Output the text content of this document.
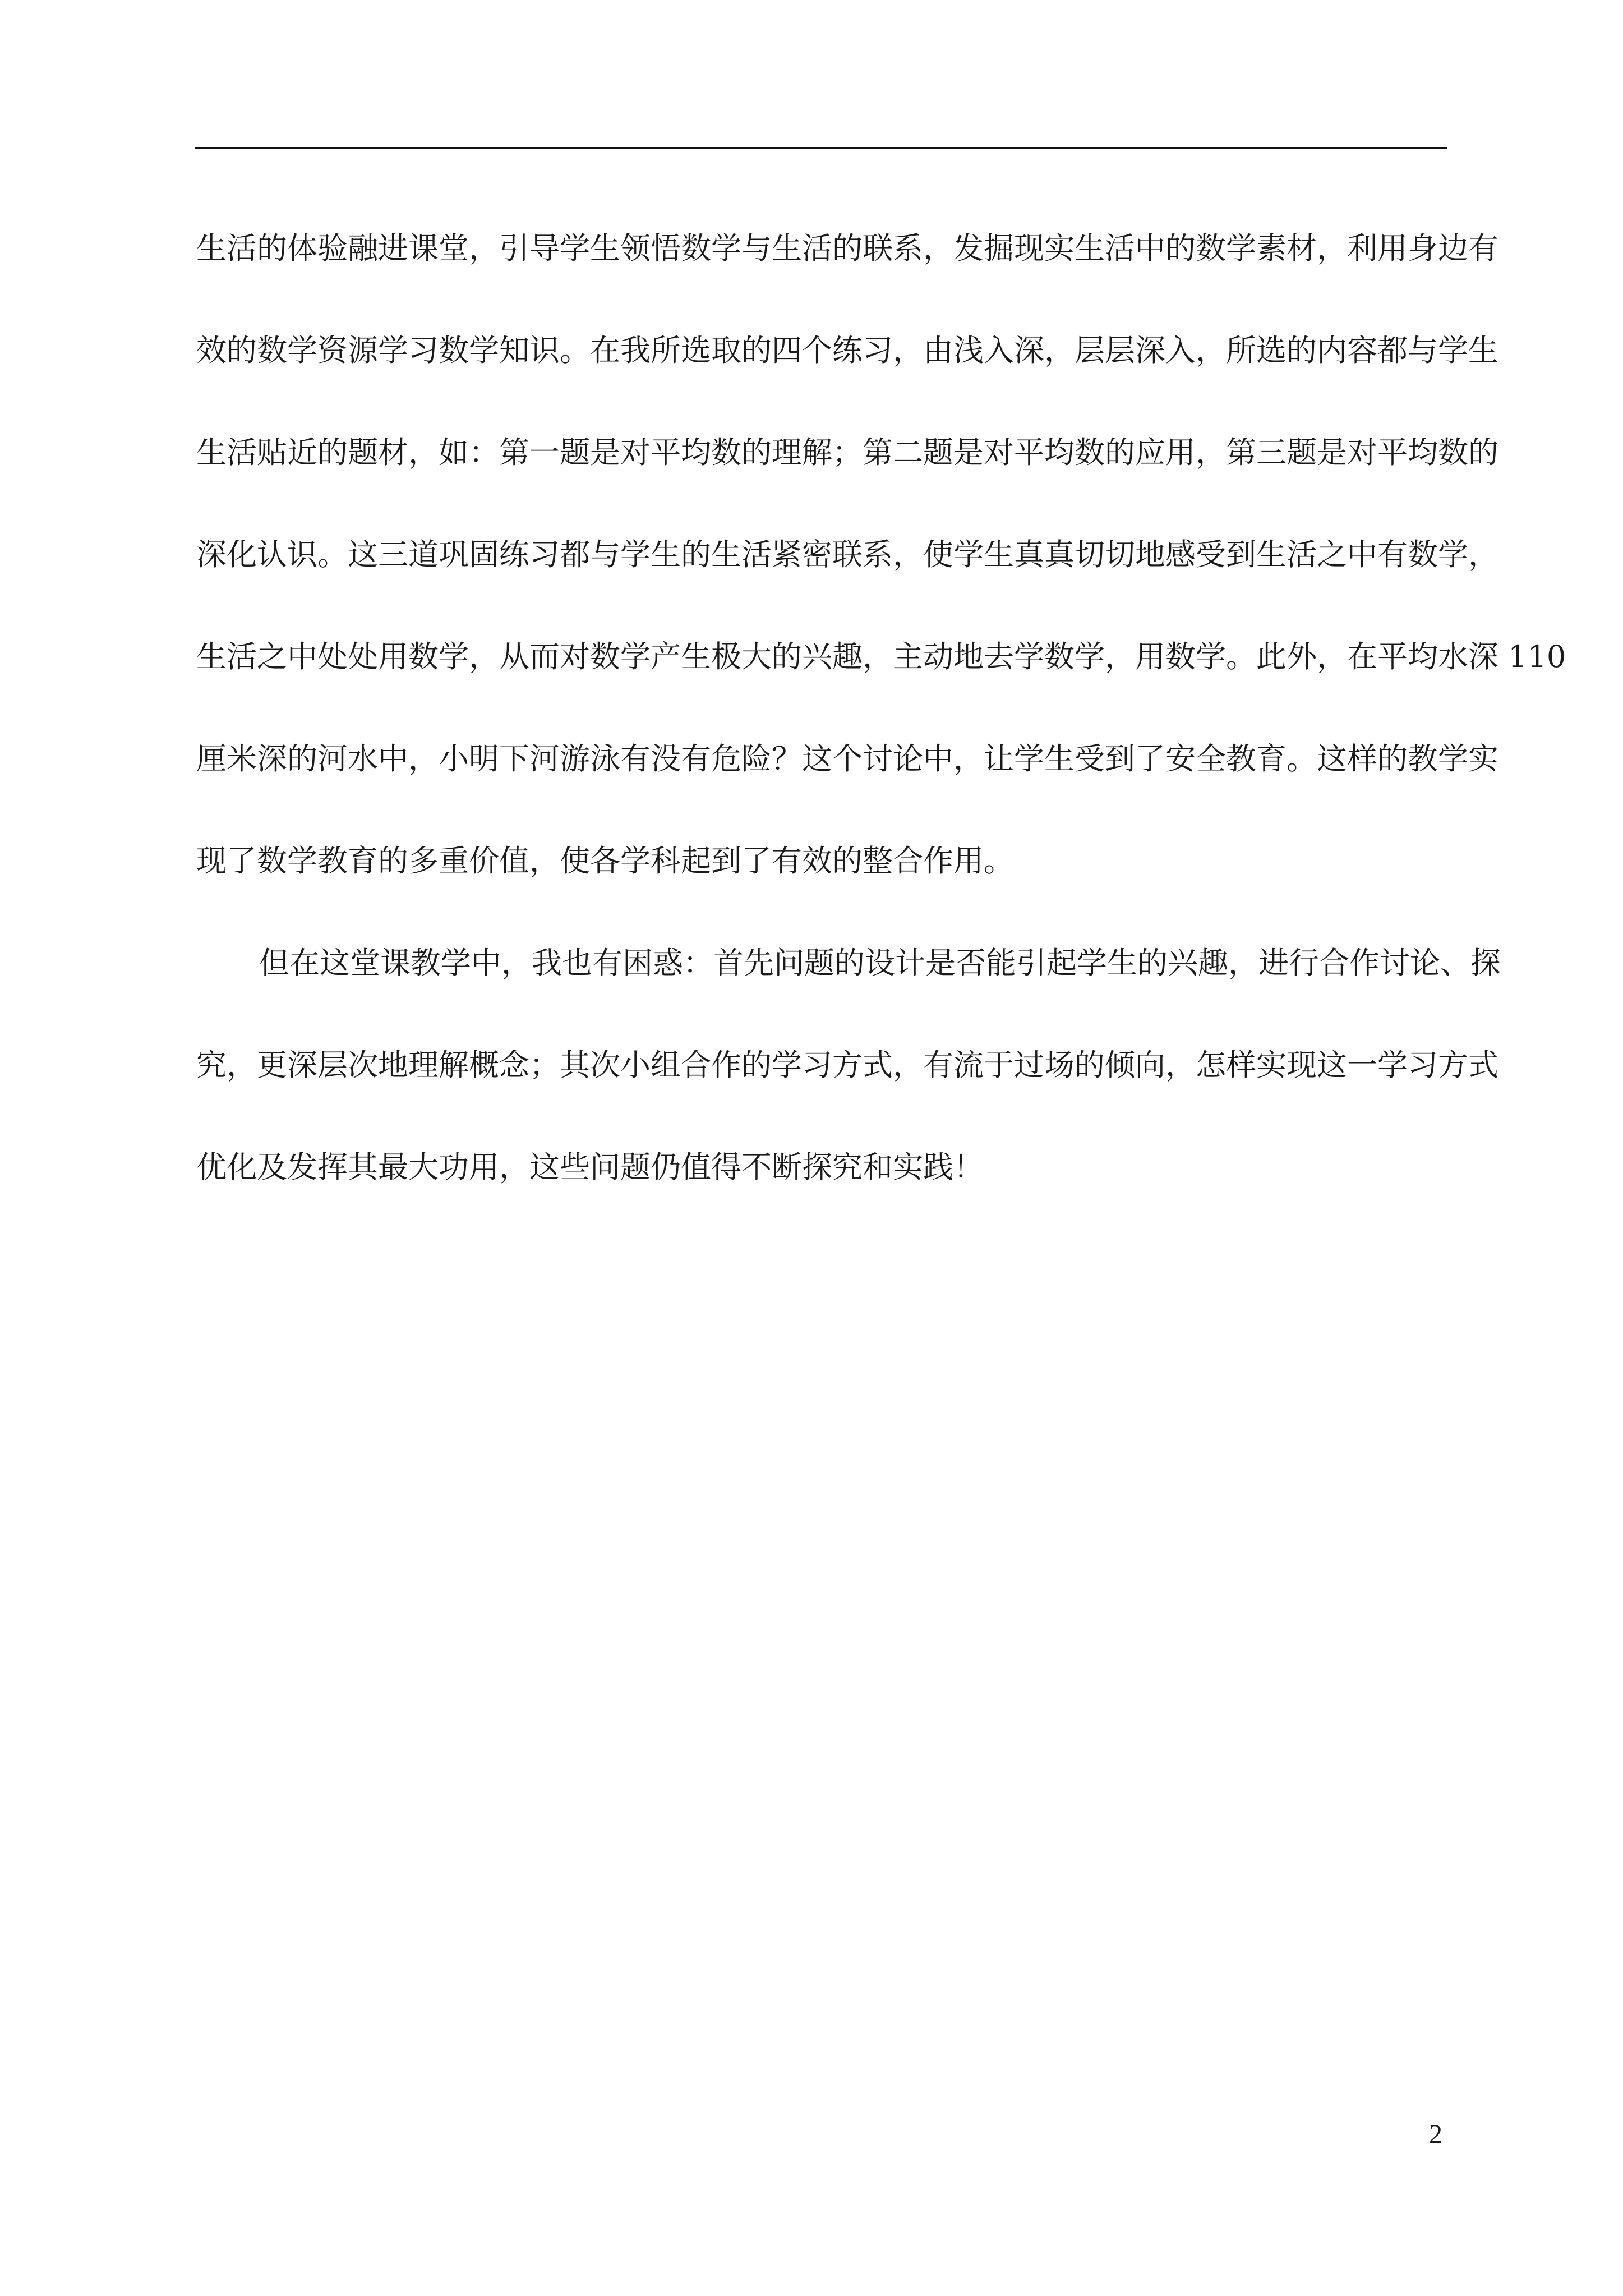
生活的体验融进课堂，引导学生领悟数学与生活的联系，发掘现实生活中的数学素材，利用身边有
效的数学资源学习数学知识。在我所选取的四个练习，由浅入深，层层深入，所选的内容都与学生
生活贴近的题材，如：第一题是对平均数的理解；第二题是对平均数的应用，第三题是对平均数的
深化认识。这三道巩固练习都与学生的生活紧密联系，使学生真真切切地感受到生活之中有数学，
生活之中处处用数学，从而对数学产生极大的兴趣，主动地去学数学，用数学。此外，在平均水深 110
厘米深的河水中，小明下河游泳有没有危险？这个讨论中，让学生受到了安全教育。这样的教学实
现了数学教育的多重价值，使各学科起到了有效的整合作用。
但在这堂课教学中，我也有困惑：首先问题的设计是否能引起学生的兴趣，进行合作讨论、探
究，更深层次地理解概念；其次小组合作的学习方式，有流于过场的倾向，怎样实现这一学习方式
优化及发挥其最大功用，这些问题仍值得不断探究和实践！
2
